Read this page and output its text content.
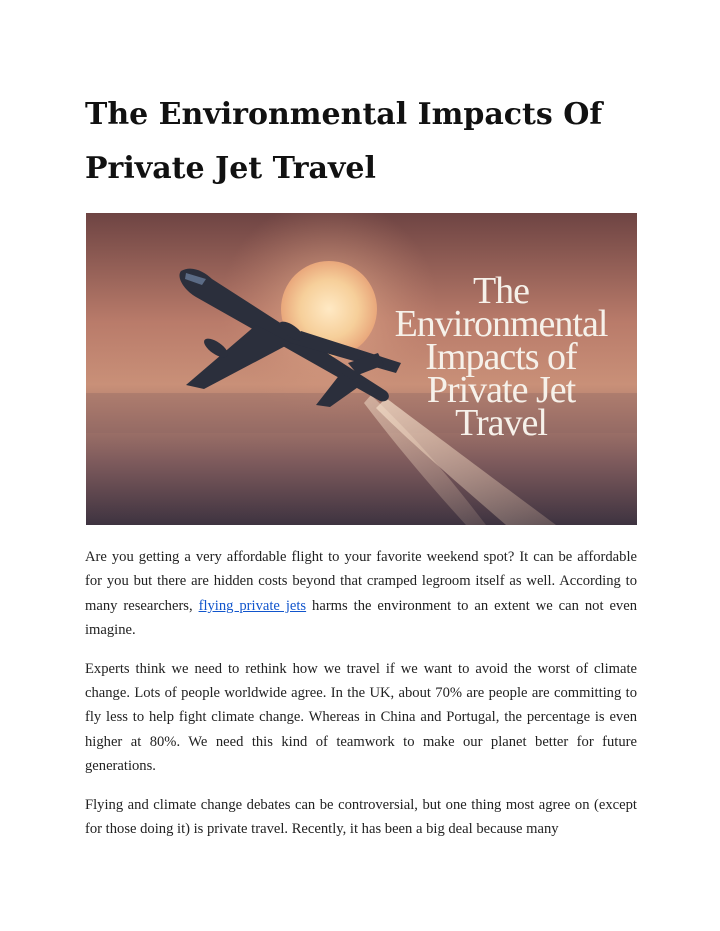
The Environmental Impacts Of Private Jet Travel
The
Environmental
Impacts of
Private Jet
Travel

Are you getting a very affordable flight to your favorite weekend spot? It can be affordable for you but there are hidden costs beyond that cramped legroom itself as well. According to many researchers, flying private jets harms the environment to an extent we can not even imagine.

Experts think we need to rethink how we travel if we want to avoid the worst of climate change. Lots of people worldwide agree. In the UK, about 70% are people are committing to fly less to help fight climate change. Whereas in China and Portugal, the percentage is even higher at 80%. We need this kind of teamwork to make our planet better for future generations.

Flying and climate change debates can be controversial, but one thing most agree on (except for those doing it) is private travel. Recently, it has been a big deal because many
